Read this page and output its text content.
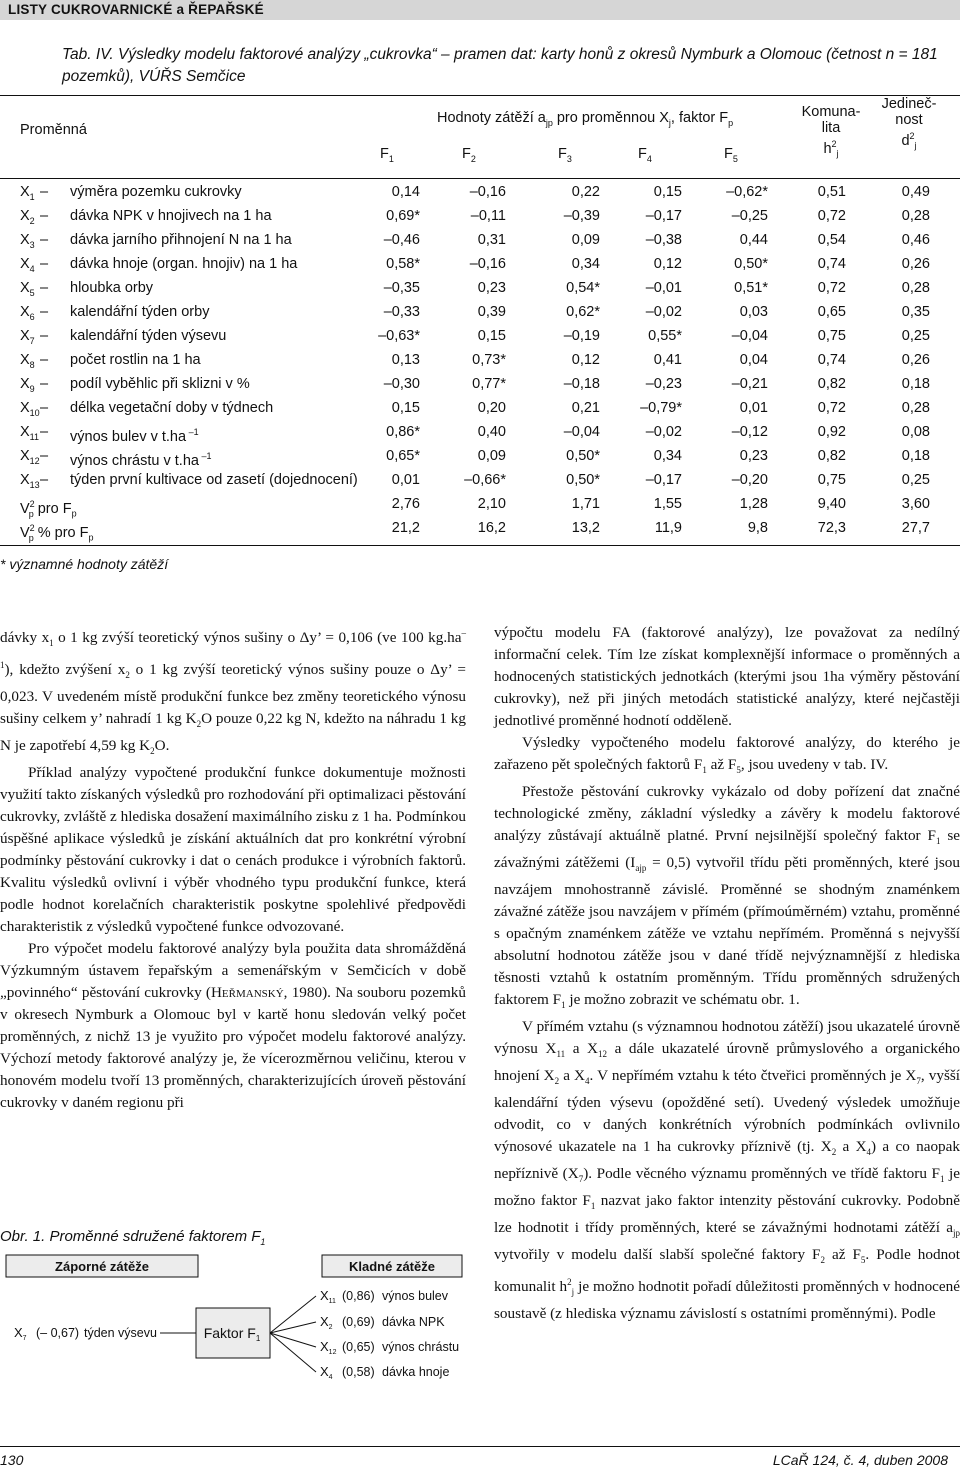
LISTY CUKROVARNICKÉ a ŘEPAŘSKÉ
Tab. IV. Výsledky modelu faktorové analýzy „cukrovka“ – pramen dat: karty honů z okresů Nymburk a Olomouc (četnost n = 181 pozemků), VÚŘS Semčice
Proměnná
Hodnoty zátěží $a_{jp}$ pro proměnnou $X_j$, faktor $F_p$
$F_1$	$F_2$	$F_3$	$F_4$	$F_5$
Komuna-
lita
$h^2_j$
Jedineč-
nost
$d^2_j$
$X_1$ – výměra pozemku cukrovky	0,14	–0,16	0,22	0,15	–0,62*	0,51	0,49
$X_2$ – dávka NPK v hnojivech na 1 ha	0,69*	–0,11	–0,39	–0,17	–0,25	0,72	0,28
$X_3$ – dávka jarního přihnojení N na 1 ha	–0,46	0,31	0,09	–0,38	0,44	0,54	0,46
$X_4$ – dávka hnoje (organ. hnojiv) na 1 ha	0,58*	–0,16	0,34	0,12	0,50*	0,74	0,26
$X_5$ – hloubka orby	–0,35	0,23	0,54*	–0,01	0,51*	0,72	0,28
$X_6$ – kalendářní týden orby	–0,33	0,39	0,62*	–0,02	0,03	0,65	0,35
$X_7$ – kalendářní týden výsevu	–0,63*	0,15	–0,19	0,55*	–0,04	0,75	0,25
$X_8$ – počet rostlin na 1 ha	0,13	0,73*	0,12	0,41	0,04	0,74	0,26
$X_9$ – podíl vyběhlic při sklizni v %	–0,30	0,77*	–0,18	–0,23	–0,21	0,82	0,18
$X_{10}$ – délka vegetační doby v týdnech	0,15	0,20	0,21	–0,79*	0,01	0,72	0,28
$X_{11}$ – výnos bulev v t.ha $^{-1}$	0,86*	0,40	–0,04	–0,02	–0,12	0,92	0,08
$X_{12}$ – výnos chrástu v t.ha $^{-1}$	0,65*	0,09	0,50*	0,34	0,23	0,82	0,18
$X_{13}$ – týden první kultivace od zasetí (dojednocení)	0,01	–0,66*	0,50*	–0,17	–0,20	0,75	0,25
$V^2_p$ pro $F_p$
2,76	2,10	1,71	1,55	1,28	9,40	3,60
$V^2_p$ % pro $F_p$
21,2	16,2	13,2	11,9	9,8	72,3	27,7
* významné hodnoty zátěží

dávky $x_1$ o 1 kg zvýší teoretický výnos sušiny o Δy’ = 0,106 (ve 100 $kg.ha^{-1}$), kdežto zvýšení $x_2$ o 1 kg zvýší teoretický výnos sušiny pouze o Δy’ = 0,023. V uvedeném místě produkční funkce bez změny teoretického výnosu sušiny celkem y’ nahradí 1 kg $K_2O$ pouze 0,22 kg N, kdežto na náhradu 1 kg N je zapotřebí 4,59 kg $K_2O$.

Příklad analýzy vypočtené produkční funkce dokumentuje možnosti využití takto získaných výsledků pro rozhodování při optimalizaci pěstování cukrovky, zvláště z hlediska dosažení maximálního zisku z 1 ha. Podmínkou úspěšné aplikace výsledků je získání aktuálních dat pro konkrétní výrobní podmínky pěstování cukrovky i dat o cenách produkce i výrobních faktorů. Kvalitu výsledků ovlivní i výběr vhodného typu produkční funkce, která podle hodnot korelačních charakteristik poskytne spolehlivé předpovědi charakteristik z výsledků vypočtené funkce odvozované.

Pro výpočet modelu faktorové analýzy byla použita data shromážděná Výzkumným ústavem řepařským a semenářským v Semčicích v době „povinného“ pěstování cukrovky (Heřmanský, 1980). Na souboru pozemků v okresech Nymburk a Olomouc byl v kartě honu sledován velký počet proměnných, z nichž 13 je využito pro výpočet modelu faktorové analýzy. Výchozí metody faktorové analýzy je, že vícerozměrnou veličinu, kterou v honovém modelu tvoří 13 proměnných, charakterizujících úroveň pěstování cukrovky v daném regionu při

výpočtu modelu FA (faktorové analýzy), lze považovat za nedílný informační celek. Tím lze získat komplexnější informace o proměnných a hodnocených statistických jednotkách (kterými jsou 1ha výměry pěstování cukrovky), než při jiných metodách statistické analýzy, které nejčastěji jednotlivé proměnné hodnotí odděleně.

Výsledky vypočteného modelu faktorové analýzy, do kterého je zařazeno pět společných faktorů $F_1$ až $F_5$, jsou uvedeny v tab. IV.

Přestože pěstování cukrovky vykázalo od doby pořízení dat značné technologické změny, základní výsledky a závěry k modelu faktorové analýzy zůstávají aktuálně platné. První nejsilnější společný faktor $F_1$ se závažnými zátěžemi $(I_{ajp} = 0,5)$ vytvořil třídu pěti proměnných, které jsou navzájem mnohostranně závislé. Proměnné se shodným znaménkem závažné zátěže jsou navzájem v přímém (přímoúměrném) vztahu, proměnné s opačným znaménkem zátěže ve vztahu nepřímém. Proměnná s nejvyšší absolutní hodnotou zátěže jsou v dané třídě nejvýznamnější z hlediska těsnosti vztahů k ostatním proměnným. Třídu proměnných sdružených faktorem $F_1$ je možno zobrazit ve schématu obr. 1.

V přímém vztahu (s významnou hodnotou zátěží) jsou ukazatelé úrovně výnosu $X_{11}$ a $X_{12}$ a dále ukazatelé úrovně průmyslového a organického hnojení $X_2$ a $X_4$. V nepřímém vztahu k této čtveřici proměnných je $X_7$, vyšší kalendářní týden výsevu (opožděné setí). Uvedený výsledek umožňuje odvodit, co v daných konkrétních výrobních podmínkách ovlivnilo výnosové ukazatele na 1 ha cukrovky příznivě (tj. $X_2$ a $X_4$) a co naopak nepříznivě $(X_7)$. Podle věcného významu proměnných ve třídě faktoru $F_1$ je možno faktor $F_1$ nazvat jako faktor intenzity pěstování cukrovky. Podobně lze hodnotit i třídy proměnných, které se závažnými hodnotami zátěží $a_{jp}$ vytvořily v modelu další slabší společné faktory $F_2$ až $F_5$. Podle hodnot komunalit $h^2_j$ je možno hodnotit pořadí důležitosti proměnných v hodnocené soustavě (z hlediska významu závislostí s ostatními proměnnými). Podle

Obr. 1. Proměnné sdružené faktorem $F_1$
Záporné zátěže	Kladné zátěže
Faktor $F_1$
$X_7$ (– 0,67) týden výsevu
$X_{11}$ (0,86) výnos bulev
$X_2$ (0,69) dávka NPK
$X_{12}$ (0,65) výnos chrástu
$X_4$ (0,58) dávka hnoje
130	LCaŘ 124, č. 4, duben 2008
